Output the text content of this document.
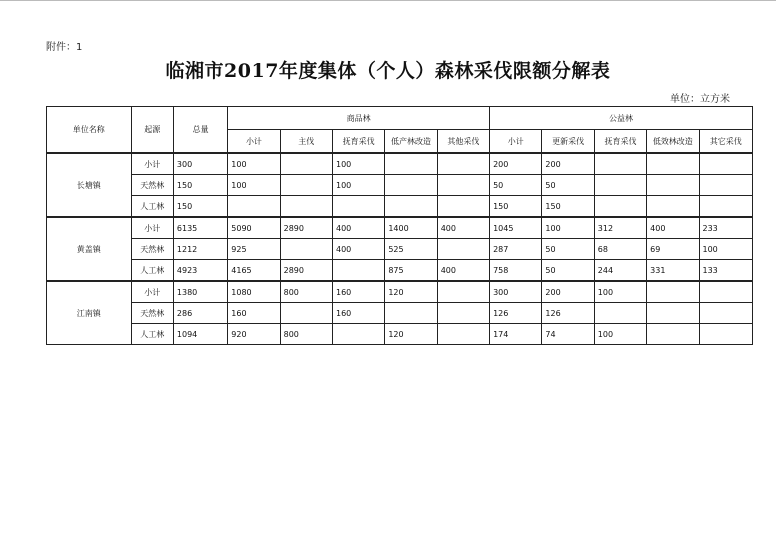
附件：1
临湘市2017年度集体（个人）森林采伐限额分解表
单位：立方米
单位名称	起源	总量	商品林					公益林				
			小计	主伐	抚育采伐	低产林改造	其他采伐	小计	更新采伐	抚育采伐	低效林改造	其它采伐
长塘镇	小计	300	100		100			200	200			
	天然林	150	100		100			50	50			
	人工林	150						150	150			
黄盖镇	小计	6135	5090	2890	400	1400	400	1045	100	312	400	233
	天然林	1212	925		400	525		287	50	68	69	100
	人工林	4923	4165	2890		875	400	758	50	244	331	133
江南镇	小计	1380	1080	800	160	120		300	200	100		
	天然林	286	160		160			126	126			
	人工林	1094	920	800		120		174	74	100		
